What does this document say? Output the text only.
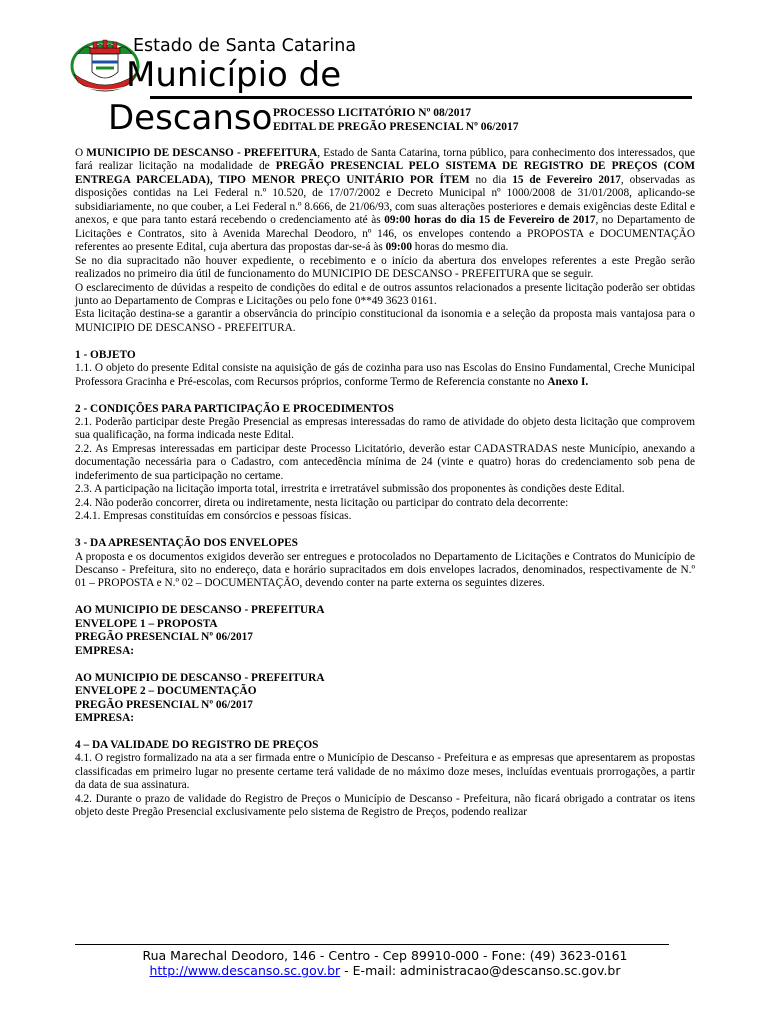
Estado de Santa Catarina
Município de
Descanso PROCESSO LICITATÓRIO Nº 08/2017
EDITAL DE PREGÃO PRESENCIAL Nº 06/2017

O MUNICIPIO DE DESCANSO - PREFEITURA, Estado de Santa Catarina, torna público, para conhecimento dos interessados, que fará realizar licitação na modalidade de PREGÃO PRESENCIAL PELO SISTEMA DE REGISTRO DE PREÇOS (COM ENTREGA PARCELADA), TIPO MENOR PREÇO UNITÁRIO POR ÍTEM no dia 15 de Fevereiro 2017, observadas as disposições contidas na Lei Federal n.º 10.520, de 17/07/2002 e Decreto Municipal nº 1000/2008 de 31/01/2008, aplicando-se subsidiariamente, no que couber, a Lei Federal n.º 8.666, de 21/06/93, com suas alterações posteriores e demais exigências deste Edital e anexos, e que para tanto estará recebendo o credenciamento até às 09:00 horas do dia 15 de Fevereiro de 2017, no Departamento de Licitações e Contratos, sito à Avenida Marechal Deodoro, nº 146, os envelopes contendo a PROPOSTA e DOCUMENTAÇÃO referentes ao presente Edital, cuja abertura das propostas dar-se-á às 09:00 horas do mesmo dia.

Se no dia supracitado não houver expediente, o recebimento e o início da abertura dos envelopes referentes a este Pregão serão realizados no primeiro dia útil de funcionamento do MUNICIPIO DE DESCANSO - PREFEITURA que se seguir.

O esclarecimento de dúvidas a respeito de condições do edital e de outros assuntos relacionados a presente licitação poderão ser obtidas junto ao Departamento de Compras e Licitações ou pelo fone 0**49 3623 0161.

Esta licitação destina-se a garantir a observância do princípio constitucional da isonomia e a seleção da proposta mais vantajosa para o MUNICIPIO DE DESCANSO - PREFEITURA.

1 - OBJETO

1.1. O objeto do presente Edital consiste na aquisição de gás de cozinha para uso nas Escolas do Ensino Fundamental, Creche Municipal Professora Gracinha e Pré-escolas, com Recursos próprios, conforme Termo de Referencia constante no Anexo I.

2 - CONDIÇÕES PARA PARTICIPAÇÃO E PROCEDIMENTOS

2.1. Poderão participar deste Pregão Presencial as empresas interessadas do ramo de atividade do objeto desta licitação que comprovem sua qualificação, na forma indicada neste Edital.

2.2. As Empresas interessadas em participar deste Processo Licitatório, deverão estar CADASTRADAS neste Município, anexando a documentação necessária para o Cadastro, com antecedência mínima de 24 (vinte e quatro) horas do credenciamento sob pena de indeferimento de sua participação no certame.

2.3. A participação na licitação importa total, irrestrita e irretratável submissão dos proponentes às condições deste Edital.

2.4. Não poderão concorrer, direta ou indiretamente, nesta licitação ou participar do contrato dela decorrente:

2.4.1. Empresas constituídas em consórcios e pessoas físicas.

3 - DA APRESENTAÇÃO DOS ENVELOPES

A proposta e os documentos exigidos deverão ser entregues e protocolados no Departamento de Licitações e Contratos do Município de Descanso - Prefeitura, sito no endereço, data e horário supracitados em dois envelopes lacrados, denominados, respectivamente de N.º 01 – PROPOSTA e N.º 02 – DOCUMENTAÇÃO, devendo conter na parte externa os seguintes dizeres.

AO MUNICIPIO DE DESCANSO - PREFEITURA

ENVELOPE 1 – PROPOSTA

PREGÃO PRESENCIAL Nº 06/2017

EMPRESA:

AO MUNICIPIO DE DESCANSO - PREFEITURA

ENVELOPE 2 – DOCUMENTAÇÃO

PREGÃO PRESENCIAL Nº 06/2017

EMPRESA:

4 – DA VALIDADE DO REGISTRO DE PREÇOS

4.1. O registro formalizado na ata a ser firmada entre o Município de Descanso - Prefeitura e as empresas que apresentarem as propostas classificadas em primeiro lugar no presente certame terá validade de no máximo doze meses, incluídas eventuais prorrogações, a partir da data de sua assinatura.

4.2. Durante o prazo de validade do Registro de Preços o Município de Descanso - Prefeitura, não ficará obrigado a contratar os itens objeto deste Pregão Presencial exclusivamente pelo sistema de Registro de Preços, podendo realizar

Rua Marechal Deodoro, 146 - Centro - Cep 89910-000 - Fone: (49) 3623-0161
http://www.descanso.sc.gov.br - E-mail: administracao@descanso.sc.gov.br
